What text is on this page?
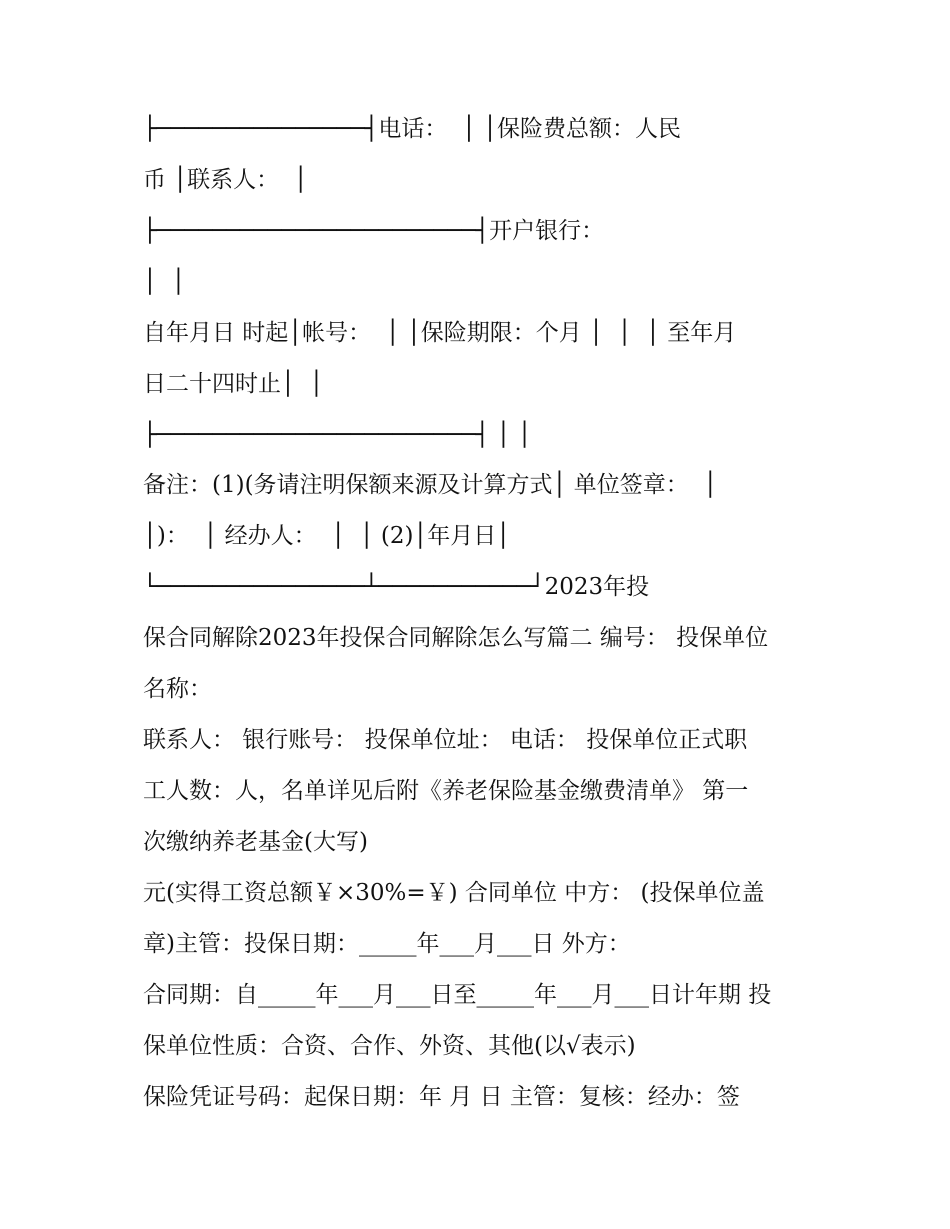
├───────────────┤电话：  │ │保险费总额：人民
币 │联系人：  │
├───────────────────────┤开户银行：
│  │
自年月日 时起│帐号：  │ │保险期限：个月 │  │  │ 至年月
日二十四时止│  │
├───────────────────────┤ │ │
备注：(1)(务请注明保额来源及计算方式│ 单位签章：  │
│)：  │ 经办人：  │  │ (2)│年月日│
└───────────────┴───────────┘2023年投
保合同解除2023年投保合同解除怎么写篇二 编号： 投保单位
名称：
联系人： 银行账号： 投保单位址： 电话： 投保单位正式职
工人数：人，名单详见后附《养老保险基金缴费清单》 第一
次缴纳养老基金(大写)
元(实得工资总额￥×30%=￥) 合同单位 中方： (投保单位盖
章)主管：投保日期：_____年___月___日 外方：
合同期：自_____年___月___日至_____年___月___日计年期 投
保单位性质：合资、合作、外资、其他(以√表示)
保险凭证号码：起保日期：年 月 日 主管：复核：经办：签
